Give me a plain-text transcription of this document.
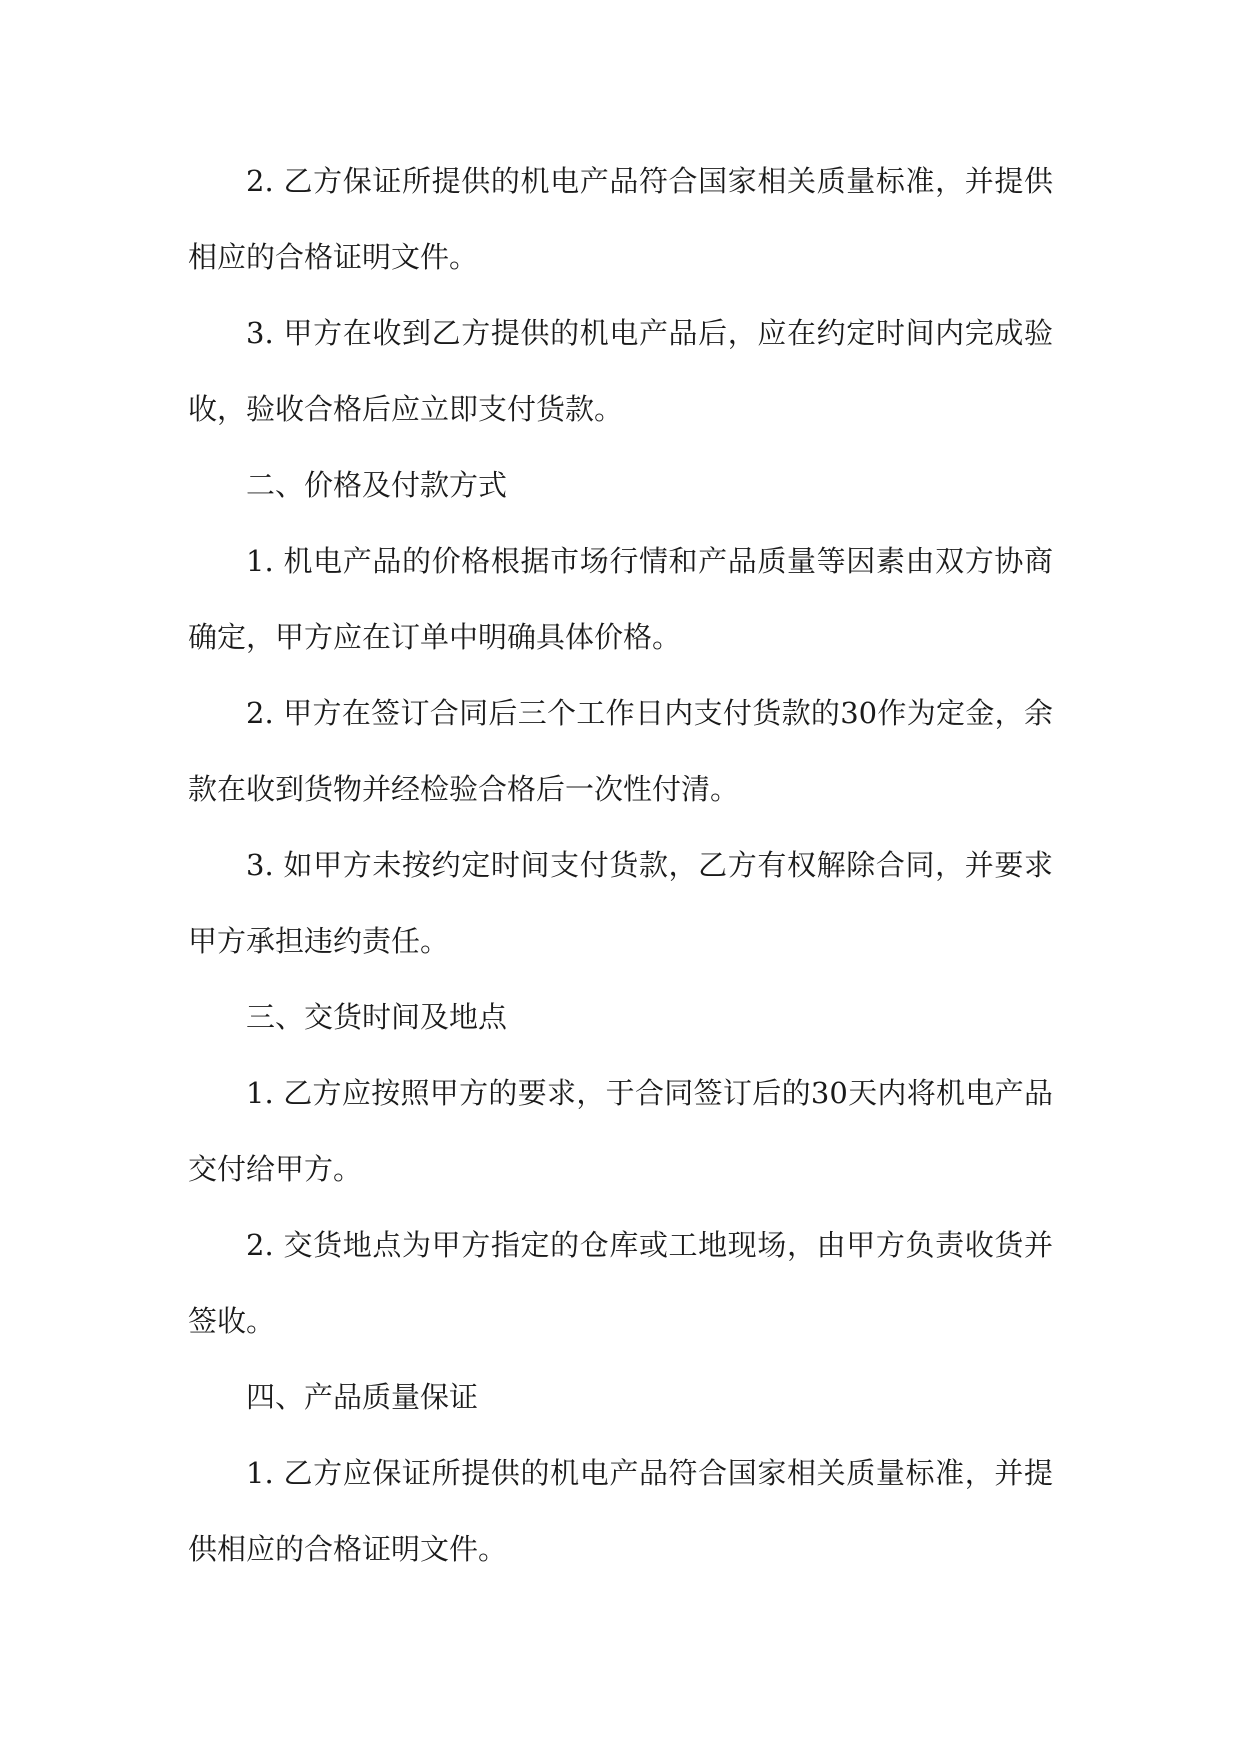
2. 乙方保证所提供的机电产品符合国家相关质量标准，并提供相应的合格证明文件。

3. 甲方在收到乙方提供的机电产品后，应在约定时间内完成验收，验收合格后应立即支付货款。

二、价格及付款方式

1. 机电产品的价格根据市场行情和产品质量等因素由双方协商确定，甲方应在订单中明确具体价格。

2. 甲方在签订合同后三个工作日内支付货款的30作为定金，余款在收到货物并经检验合格后一次性付清。

3. 如甲方未按约定时间支付货款，乙方有权解除合同，并要求甲方承担违约责任。

三、交货时间及地点

1. 乙方应按照甲方的要求，于合同签订后的30天内将机电产品交付给甲方。

2. 交货地点为甲方指定的仓库或工地现场，由甲方负责收货并签收。

四、产品质量保证

1. 乙方应保证所提供的机电产品符合国家相关质量标准，并提供相应的合格证明文件。
